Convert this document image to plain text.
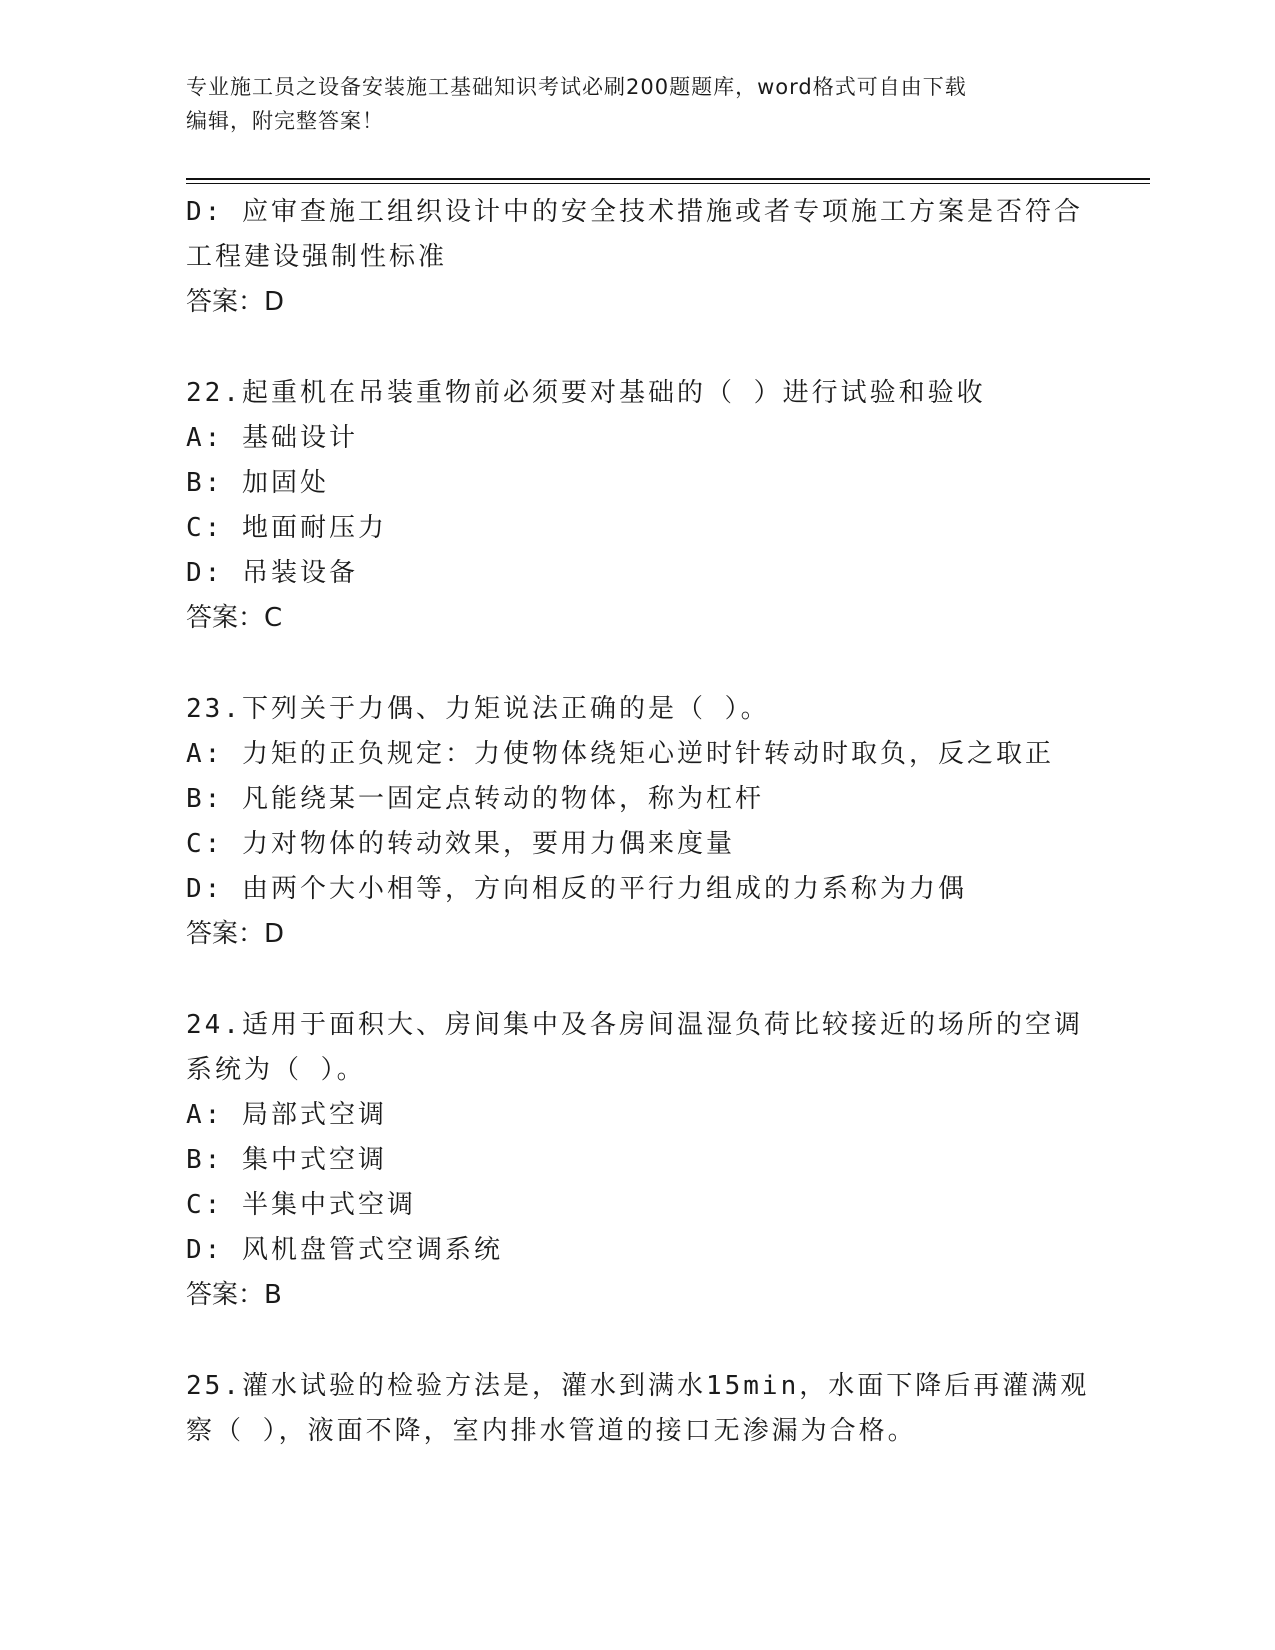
专业施工员之设备安装施工基础知识考试必刷200题题库，word格式可自由下载
编辑，附完整答案！
D: 应审查施工组织设计中的安全技术措施或者专项施工方案是否符合
工程建设强制性标准
答案：D
22.起重机在吊装重物前必须要对基础的（ ）进行试验和验收
A: 基础设计
B: 加固处
C: 地面耐压力
D: 吊装设备
答案：C
23.下列关于力偶、力矩说法正确的是（ ）。
A: 力矩的正负规定：力使物体绕矩心逆时针转动时取负，反之取正
B: 凡能绕某一固定点转动的物体，称为杠杆
C: 力对物体的转动效果，要用力偶来度量
D: 由两个大小相等，方向相反的平行力组成的力系称为力偶
答案：D
24.适用于面积大、房间集中及各房间温湿负荷比较接近的场所的空调
系统为（ ）。
A: 局部式空调
B: 集中式空调
C: 半集中式空调
D: 风机盘管式空调系统
答案：B
25.灌水试验的检验方法是，灌水到满水15min，水面下降后再灌满观
察（ ），液面不降，室内排水管道的接口无渗漏为合格。
